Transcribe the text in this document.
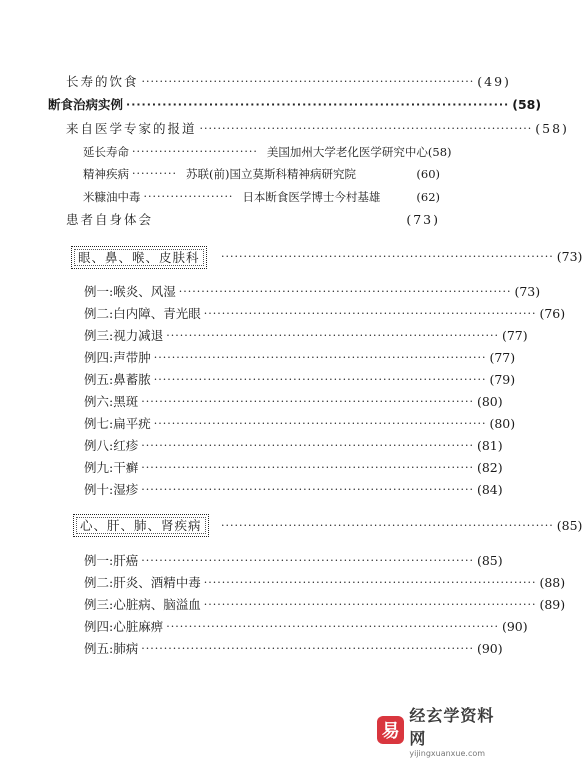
长寿的饮食 ·········································································· (49)
断食治病实例 ·········································································· (58)
来自医学专家的报道 ·········································································· (58)
延长寿命 ···························· 美国加州大学老化医学研究中心 (58)
精神疾病 ·········· 苏联(前)国立莫斯科精神病研究院	(60)
米糠油中毒 ···················· 日本断食医学博士今村基雄	(62)
患者自身体会	(73)
眼、鼻、喉、皮肤科	·········································································· (73)
例一:喉炎、风湿 ·········································································· (73)
例二:白内障、青光眼 ·········································································· (76)
例三:视力减退 ·········································································· (77)
例四:声带肿 ·········································································· (77)
例五:鼻蓄脓 ·········································································· (79)
例六:黑斑 ·········································································· (80)
例七:扁平疣 ·········································································· (80)
例八:红疹 ·········································································· (81)
例九:干癣 ·········································································· (82)
例十:湿疹 ·········································································· (84)
心、肝、肺、肾疾病	·········································································· (85)
例一:肝癌 ·········································································· (85)
例二:肝炎、酒精中毒 ·········································································· (88)
例三:心脏病、脑溢血 ·········································································· (89)
例四:心脏麻痹 ·········································································· (90)
例五:肺病 ·········································································· (90)
易
经玄学资料网
yijingxuanxue.com
